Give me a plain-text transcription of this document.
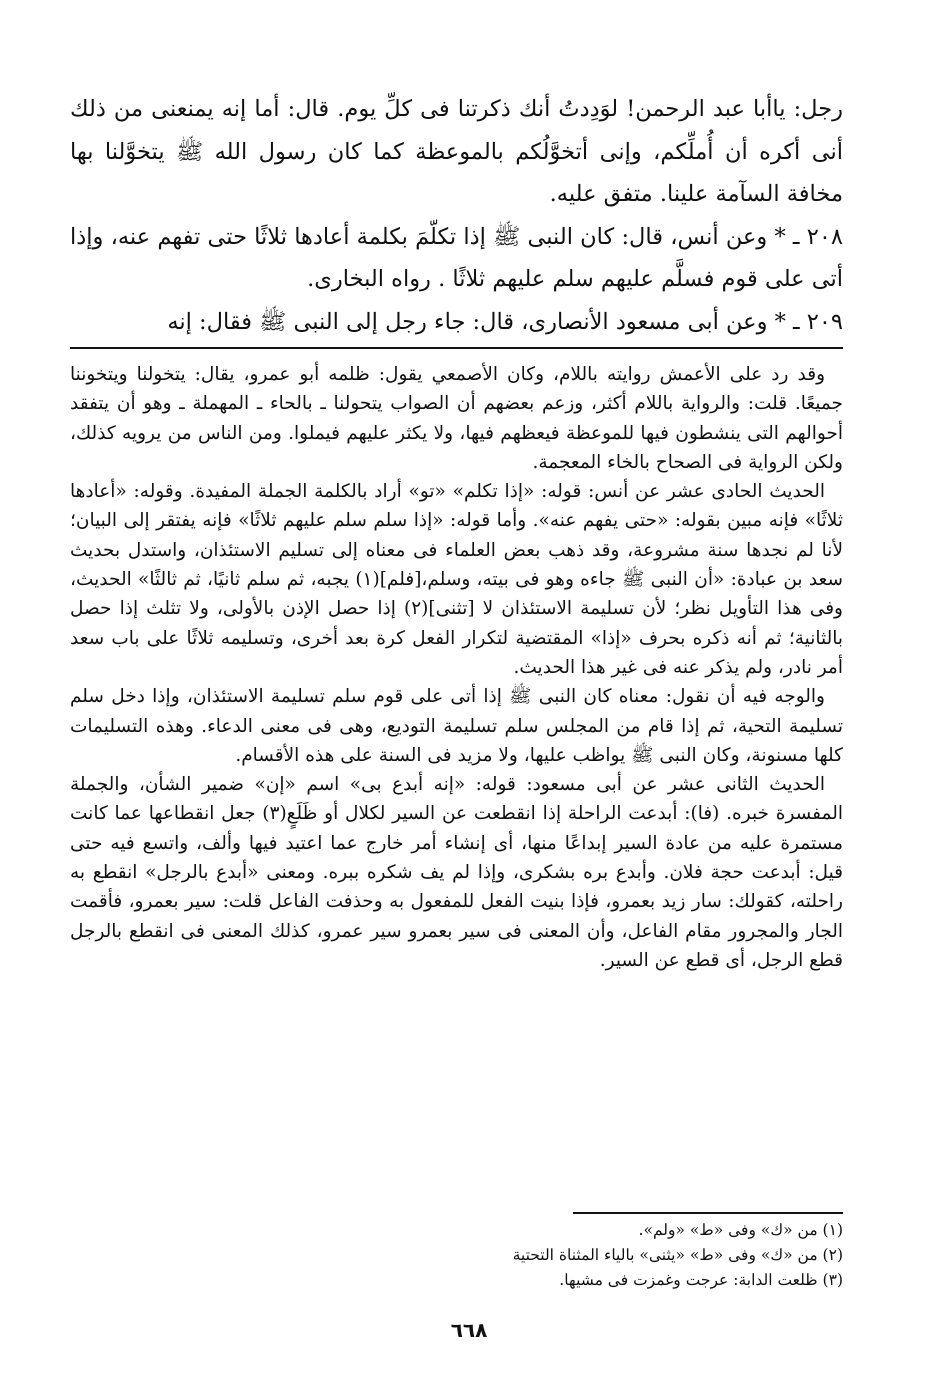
رجل: ياأبا عبد الرحمن! لوَدِدتُ أنك ذكرتنا فى كلِّ يوم. قال: أما إنه يمنعنى من ذلك أنى أكره أن أُملِّكم، وإنى أتخوَّلُكم بالموعظة كما كان رسول الله ﷺ يتخوَّلنا بها مخافة السآمة علينا. متفق عليه.

٢٠٨ ـ * وعن أنس، قال: كان النبى ﷺ إذا تكلّمَ بكلمة أعادها ثلاثًا حتى تفهم عنه، وإذا أتى على قوم فسلَّم عليهم سلم عليهم ثلاثًا . رواه البخارى.

٢٠٩ ـ * وعن أبى مسعود الأنصارى، قال: جاء رجل إلى النبى ﷺ فقال: إنه

وقد رد على الأعمش روايته باللام، وكان الأصمعي يقول: ظلمه أبو عمرو، يقال: يتخولنا ويتخوننا جميعًا. قلت: والرواية باللام أكثر، وزعم بعضهم أن الصواب يتحولنا ـ بالحاء ـ المهملة ـ وهو أن يتفقد أحوالهم التى ينشطون فيها للموعظة فيعظهم فيها، ولا يكثر عليهم فيملوا. ومن الناس من يرويه كذلك، ولكن الرواية فى الصحاح بالخاء المعجمة.

الحديث الحادى عشر عن أنس: قوله: «إذا تكلم» «تو» أراد بالكلمة الجملة المفيدة. وقوله: «أعادها ثلاثًا» فإنه مبين بقوله: «حتى يفهم عنه». وأما قوله: «إذا سلم سلم عليهم ثلاثًا» فإنه يفتقر إلى البيان؛ لأنا لم نجدها سنة مشروعة، وقد ذهب بعض العلماء فى معناه إلى تسليم الاستئذان، واستدل بحديث سعد بن عبادة: «أن النبى ﷺ جاءه وهو فى بيته، وسلم،[فلم](١) يجبه، ثم سلم ثانيًا، ثم ثالثًا» الحديث، وفى هذا التأويل نظر؛ لأن تسليمة الاستئذان لا [تثنى](٢) إذا حصل الإذن بالأولى، ولا تثلث إذا حصل بالثانية؛ ثم أنه ذكره بحرف «إذا» المقتضية لتكرار الفعل كرة بعد أخرى، وتسليمه ثلاثًا على باب سعد أمر نادر، ولم يذكر عنه فى غير هذا الحديث.

والوجه فيه أن نقول: معناه كان النبى ﷺ إذا أتى على قوم سلم تسليمة الاستئذان، وإذا دخل سلم تسليمة التحية، ثم إذا قام من المجلس سلم تسليمة التوديع، وهى فى معنى الدعاء. وهذه التسليمات كلها مسنونة، وكان النبى ﷺ يواظب عليها، ولا مزيد فى السنة على هذه الأقسام.

الحديث الثانى عشر عن أبى مسعود: قوله: «إنه أبدع بى» اسم «إن» ضمير الشأن، والجملة المفسرة خبره. (فا): أبدعت الراحلة إذا انقطعت عن السير لكلال أو ظَلَعٍ(٣) جعل انقطاعها عما كانت مستمرة عليه من عادة السير إبداعًا منها، أى إنشاء أمر خارج عما اعتيد فيها وألف، واتسع فيه حتى قيل: أبدعت حجة فلان. وأبدع بره بشكرى، وإذا لم يف شكره ببره. ومعنى «أبدع بالرجل» انقطع به راحلته، كقولك: سار زيد بعمرو، فإذا بنيت الفعل للمفعول به وحذفت الفاعل قلت: سير بعمرو، فأقمت الجار والمجرور مقام الفاعل، وأن المعنى فى سير بعمرو سير عمرو، كذلك المعنى فى انقطع بالرجل قطع الرجل، أى قطع عن السير.

(١) من «ك» وفى «ط» «ولم».
(٢) من «ك» وفى «ط» «يثنى» بالياء المثناة التحتية
(٣) ظلعت الدابة: عرجت وغمزت فى مشيها.
٦٦٨
